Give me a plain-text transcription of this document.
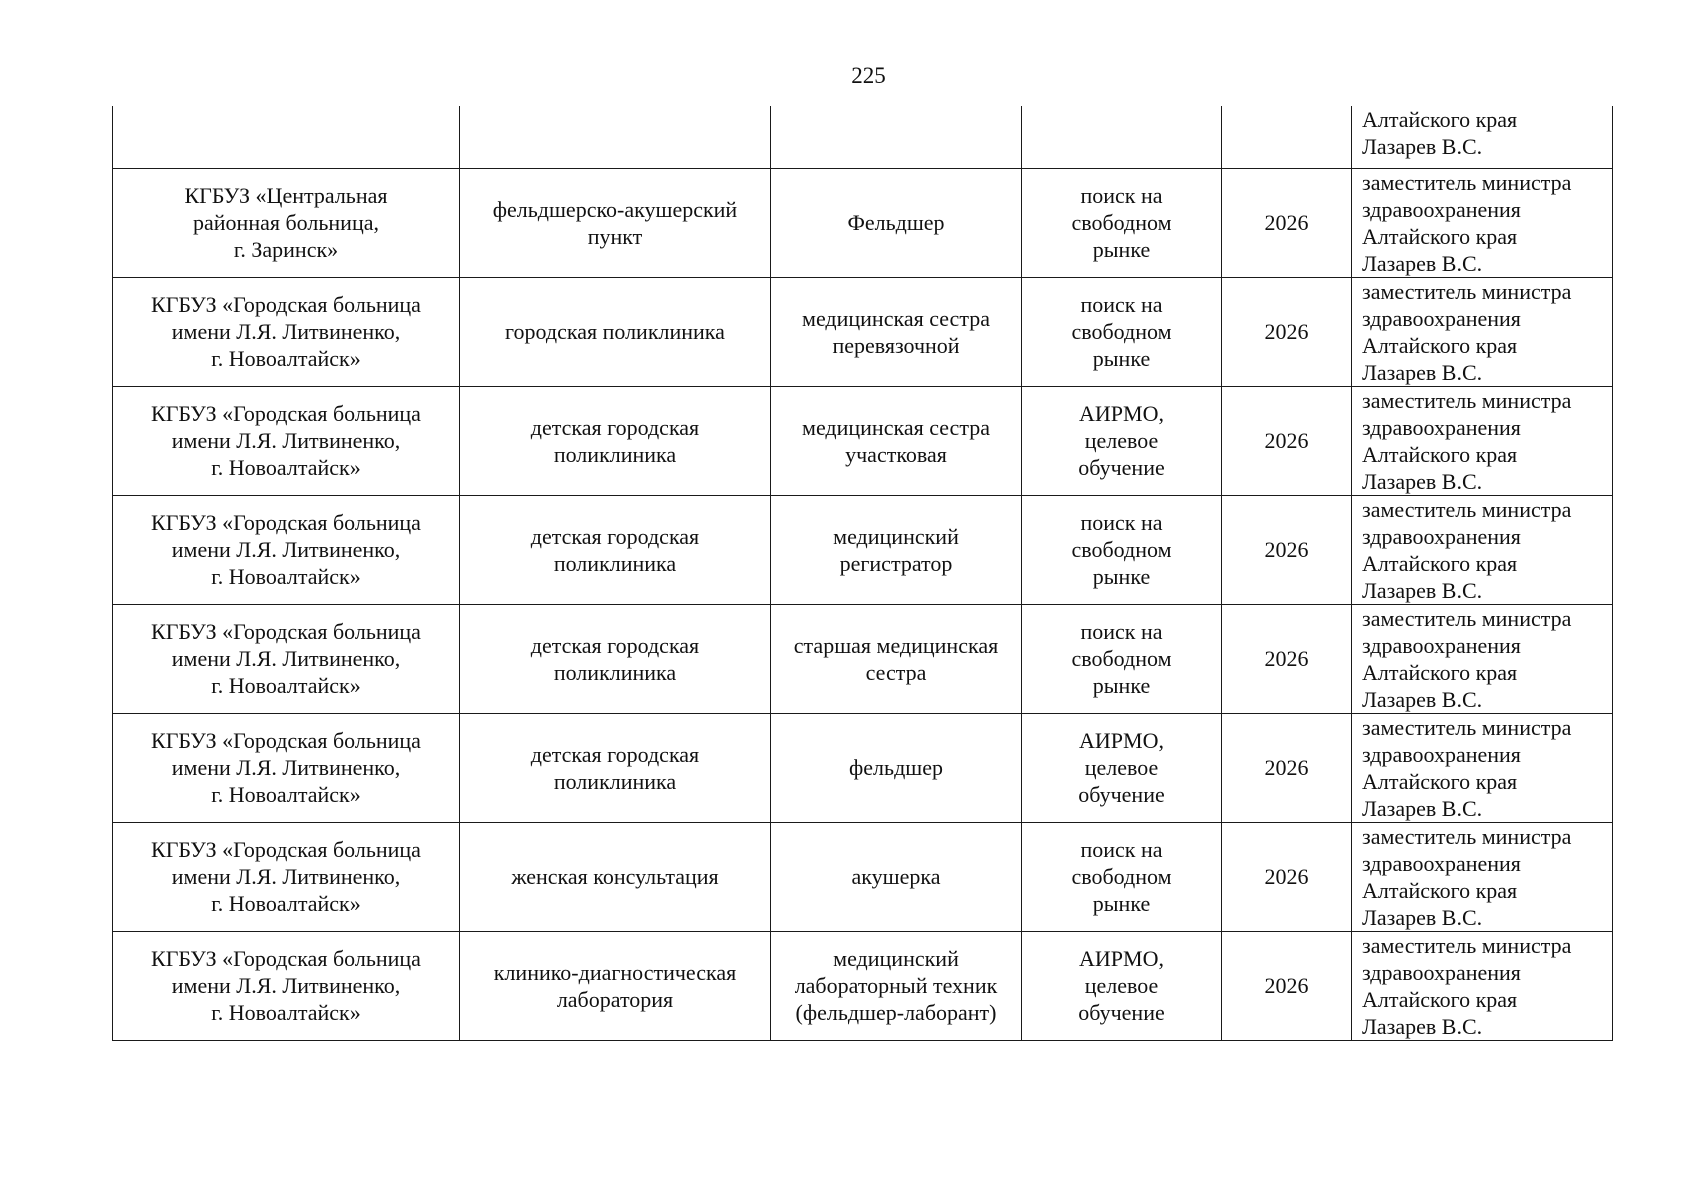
225

					Алтайского края
Лазарев В.С.

КГБУЗ «Центральная
районная больница,
г. Заринск»	фельдшерско-акушерский
пункт	Фельдшер	поиск на
свободном
рынке	2026	заместитель министра
здравоохранения
Алтайского края
Лазарев В.С.

КГБУЗ «Городская больница
имени Л.Я. Литвиненко,
г. Новоалтайск»	городская поликлиника	медицинская сестра
перевязочной	поиск на
свободном
рынке	2026	заместитель министра
здравоохранения
Алтайского края
Лазарев В.С.

КГБУЗ «Городская больница
имени Л.Я. Литвиненко,
г. Новоалтайск»	детская городская
поликлиника	медицинская сестра
участковая	АИРМО,
целевое
обучение	2026	заместитель министра
здравоохранения
Алтайского края
Лазарев В.С.

КГБУЗ «Городская больница
имени Л.Я. Литвиненко,
г. Новоалтайск»	детская городская
поликлиника	медицинский
регистратор	поиск на
свободном
рынке	2026	заместитель министра
здравоохранения
Алтайского края
Лазарев В.С.

КГБУЗ «Городская больница
имени Л.Я. Литвиненко,
г. Новоалтайск»	детская городская
поликлиника	старшая медицинская
сестра	поиск на
свободном
рынке	2026	заместитель министра
здравоохранения
Алтайского края
Лазарев В.С.

КГБУЗ «Городская больница
имени Л.Я. Литвиненко,
г. Новоалтайск»	детская городская
поликлиника	фельдшер	АИРМО,
целевое
обучение	2026	заместитель министра
здравоохранения
Алтайского края
Лазарев В.С.

КГБУЗ «Городская больница
имени Л.Я. Литвиненко,
г. Новоалтайск»	женская консультация	акушерка	поиск на
свободном
рынке	2026	заместитель министра
здравоохранения
Алтайского края
Лазарев В.С.

КГБУЗ «Городская больница
имени Л.Я. Литвиненко,
г. Новоалтайск»	клинико-диагностическая
лаборатория	медицинский
лабораторный техник
(фельдшер-лаборант)	АИРМО,
целевое
обучение	2026	заместитель министра
здравоохранения
Алтайского края
Лазарев В.С.
